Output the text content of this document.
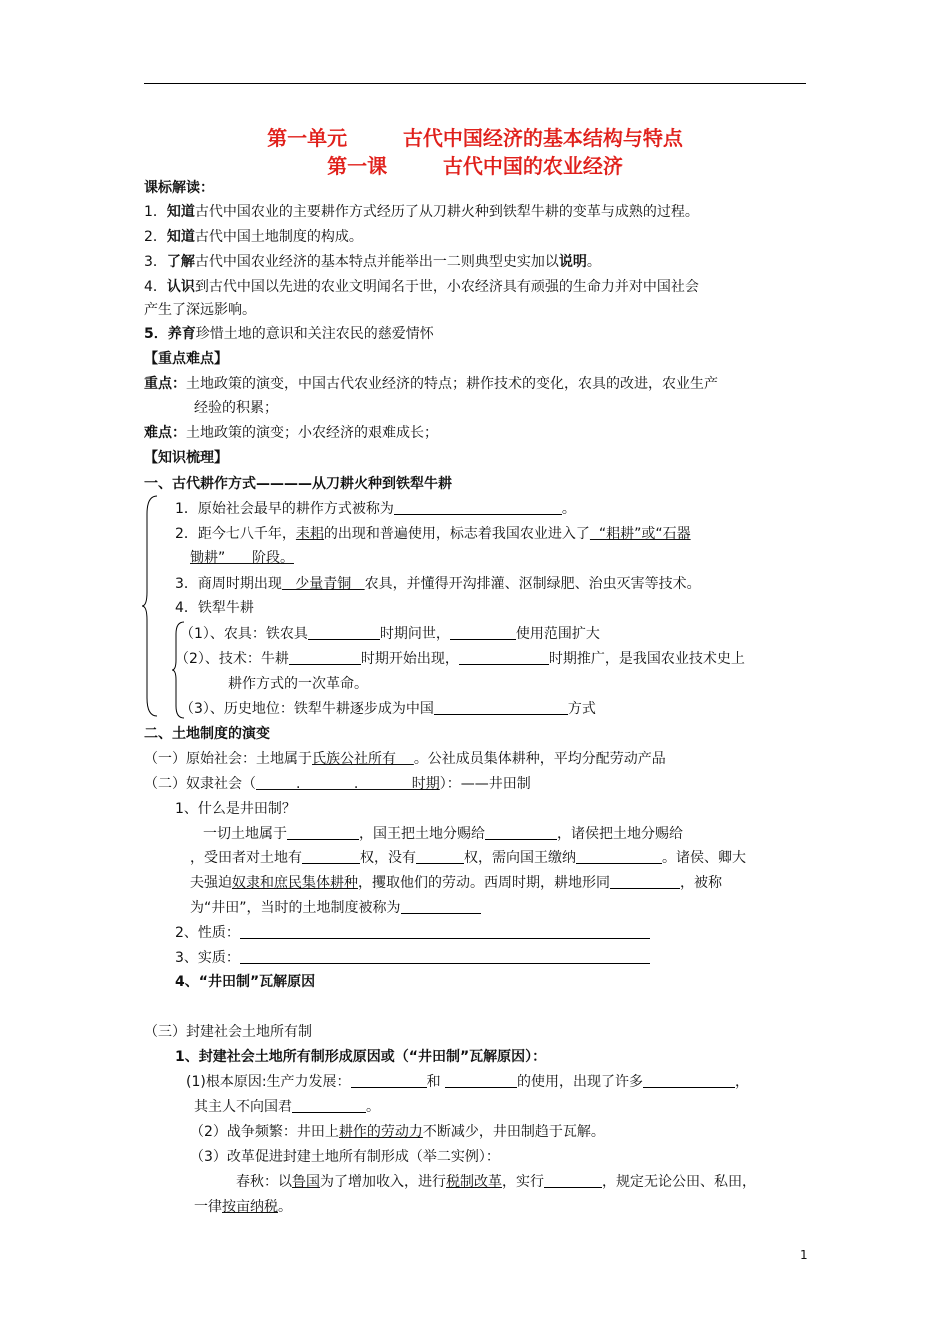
第一单元        古代中国经济的基本结构与特点
第一课        古代中国的农业经济
课标解读：
1．知道古代中国农业的主要耕作方式经历了从刀耕火种到铁犁牛耕的变革与成熟的过程。
2．知道古代中国土地制度的构成。
3．了解古代中国农业经济的基本特点并能举出一二则典型史实加以说明。
4．认识到古代中国以先进的农业文明闻名于世，小农经济具有顽强的生命力并对中国社会
产生了深远影响。
5．养育珍惜土地的意识和关注农民的慈爱情怀
【重点难点】
重点：土地政策的演变，中国古代农业经济的特点；耕作技术的变化，农具的改进，农业生产
经验的积累；
难点：土地政策的演变；小农经济的艰难成长；
【知识梳理】
一、古代耕作方式————从刀耕火种到铁犁牛耕
1．原始社会最早的耕作方式被称为	。
2．距今七八千年，耒耜的出现和普遍使用，标志着我国农业进入了  “耜耕”或“石器
锄耕”      阶段。
3．商周时期出现   少量青铜   农具，并懂得开沟排灌、沤制绿肥、治虫灭害等技术。
4．铁犁牛耕
（1）、农具：铁农具	时期问世，	使用范围扩大
（2）、技术：牛耕	时期开始出现，	时期推广，是我国农业技术史上
耕作方式的一次革命。
（3）、历史地位：铁犁牛耕逐步成为中国	方式
二、土地制度的演变
（一）原始社会：土地属于氏族公社所有    。公社成员集体耕种，平均分配劳动产品
（二）奴隶社会（         .            .            时期）：——井田制
1、什么是井田制？
一切土地属于	，国王把土地分赐给	，诸侯把土地分赐给
，受田者对土地有	权，没有	权，需向国王缴纳	。诸侯、卿大
夫强迫奴隶和庶民集体耕种，攫取他们的劳动。西周时期，耕地形同	，被称
为“井田”，当时的土地制度被称为
2、性质：
3、实质：
4、“井田制”瓦解原因
（三）封建社会土地所有制
1、封建社会土地所有制形成原因或（“井田制”瓦解原因）：
(1)根本原因:生产力发展：	和	的使用，出现了许多	，
其主人不向国君	。
（2）战争频繁：井田上耕作的劳动力不断减少，井田制趋于瓦解。
（3）改革促进封建土地所有制形成（举二实例）：
春秋：以鲁国为了增加收入，进行税制改革，实行	，规定无论公田、私田，
一律按亩纳税。
1
